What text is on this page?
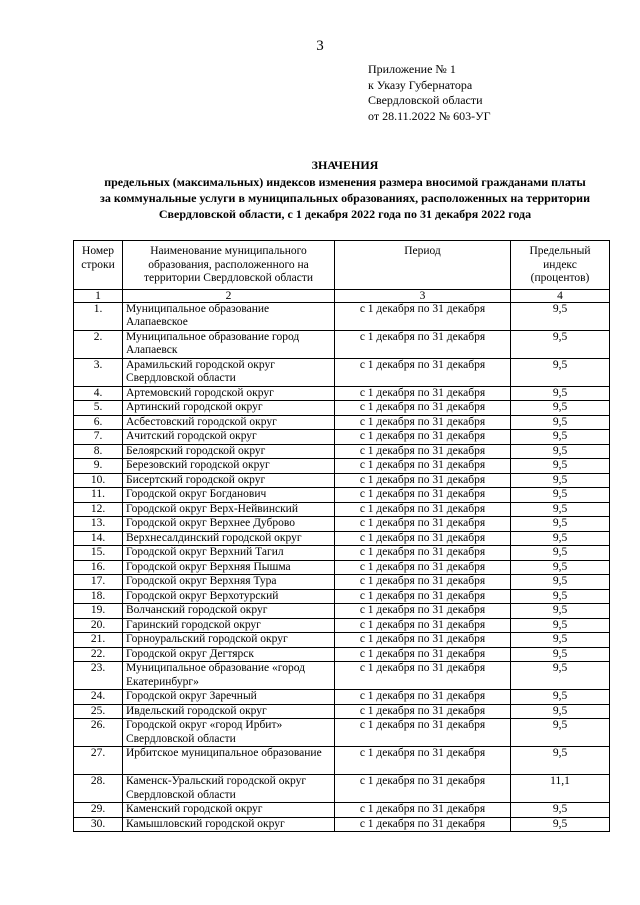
3
Приложение № 1
к Указу Губернатора
Свердловской области
от 28.11.2022 № 603-УГ
ЗНАЧЕНИЯ
предельных (максимальных) индексов изменения размера вносимой гражданами платы
за коммунальные услуги в муниципальных образованиях, расположенных на территории
Свердловской области, с 1 декабря 2022 года по 31 декабря 2022 года
Номер строки	Наименование муниципального образования, расположенного на территории Свердловской области	Период	Предельный индекс (процентов)
1	2	3	4
1.	Муниципальное образование Алапаевское	с 1 декабря по 31 декабря	9,5
2.	Муниципальное образование город Алапаевск	с 1 декабря по 31 декабря	9,5
3.	Арамильский городской округ Свердловской области	с 1 декабря по 31 декабря	9,5
4.	Артемовский городской округ	с 1 декабря по 31 декабря	9,5
5.	Артинский городской округ	с 1 декабря по 31 декабря	9,5
6.	Асбестовский городской округ	с 1 декабря по 31 декабря	9,5
7.	Ачитский городской округ	с 1 декабря по 31 декабря	9,5
8.	Белоярский городской округ	с 1 декабря по 31 декабря	9,5
9.	Березовский городской округ	с 1 декабря по 31 декабря	9,5
10.	Бисертский городской округ	с 1 декабря по 31 декабря	9,5
11.	Городской округ Богданович	с 1 декабря по 31 декабря	9,5
12.	Городской округ Верх-Нейвинский	с 1 декабря по 31 декабря	9,5
13.	Городской округ Верхнее Дуброво	с 1 декабря по 31 декабря	9,5
14.	Верхнесалдинский городской округ	с 1 декабря по 31 декабря	9,5
15.	Городской округ Верхний Тагил	с 1 декабря по 31 декабря	9,5
16.	Городской округ Верхняя Пышма	с 1 декабря по 31 декабря	9,5
17.	Городской округ Верхняя Тура	с 1 декабря по 31 декабря	9,5
18.	Городской округ Верхотурский	с 1 декабря по 31 декабря	9,5
19.	Волчанский городской округ	с 1 декабря по 31 декабря	9,5
20.	Гаринский городской округ	с 1 декабря по 31 декабря	9,5
21.	Горноуральский городской округ	с 1 декабря по 31 декабря	9,5
22.	Городской округ Дегтярск	с 1 декабря по 31 декабря	9,5
23.	Муниципальное образование «город Екатеринбург»	с 1 декабря по 31 декабря	9,5
24.	Городской округ Заречный	с 1 декабря по 31 декабря	9,5
25.	Ивдельский городской округ	с 1 декабря по 31 декабря	9,5
26.	Городской округ «город Ирбит» Свердловской области	с 1 декабря по 31 декабря	9,5
27.	Ирбитское муниципальное образование	с 1 декабря по 31 декабря	9,5
28.	Каменск-Уральский городской округ Свердловской области	с 1 декабря по 31 декабря	11,1
29.	Каменский городской округ	с 1 декабря по 31 декабря	9,5
30.	Камышловский городской округ	с 1 декабря по 31 декабря	9,5
